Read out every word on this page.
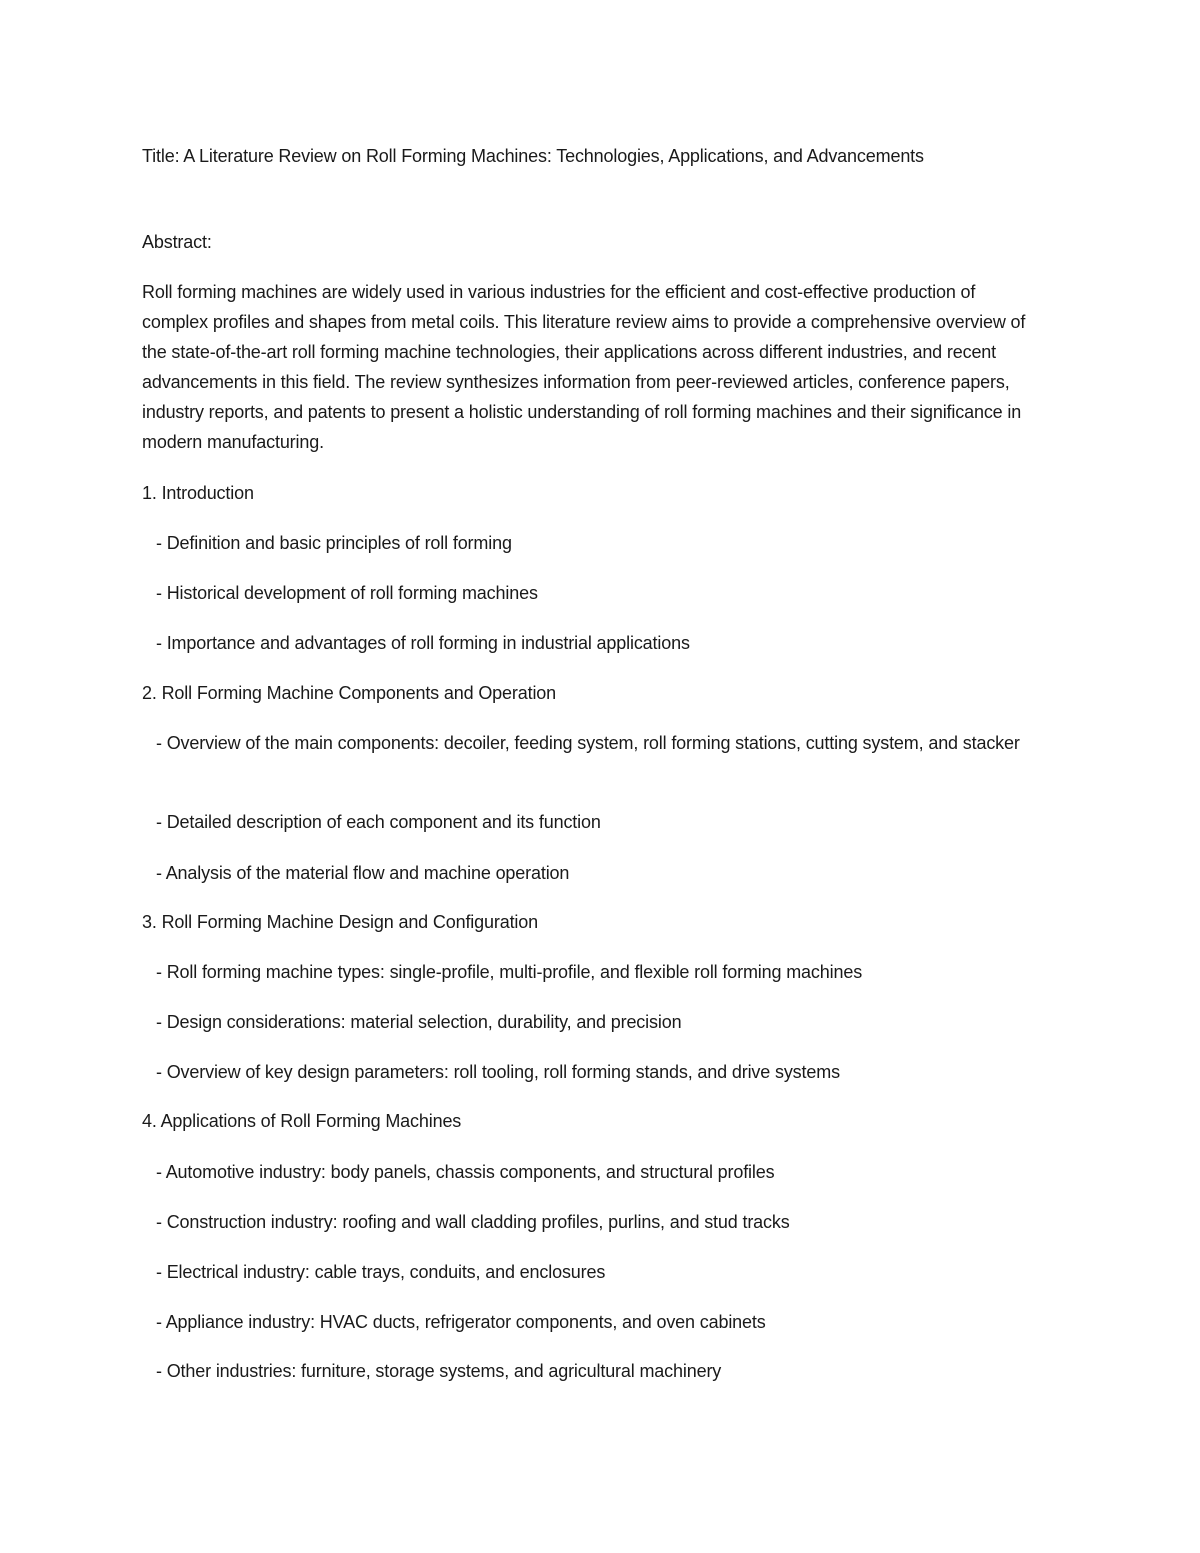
Title: A Literature Review on Roll Forming Machines: Technologies, Applications, and Advancements
Abstract:
Roll forming machines are widely used in various industries for the efficient and cost-effective production of complex profiles and shapes from metal coils. This literature review aims to provide a comprehensive overview of the state-of-the-art roll forming machine technologies, their applications across different industries, and recent advancements in this field. The review synthesizes information from peer-reviewed articles, conference papers, industry reports, and patents to present a holistic understanding of roll forming machines and their significance in modern manufacturing.
1. Introduction
- Definition and basic principles of roll forming
- Historical development of roll forming machines
- Importance and advantages of roll forming in industrial applications
2. Roll Forming Machine Components and Operation
- Overview of the main components: decoiler, feeding system, roll forming stations, cutting system, and stacker
- Detailed description of each component and its function
- Analysis of the material flow and machine operation
3. Roll Forming Machine Design and Configuration
- Roll forming machine types: single-profile, multi-profile, and flexible roll forming machines
- Design considerations: material selection, durability, and precision
- Overview of key design parameters: roll tooling, roll forming stands, and drive systems
4. Applications of Roll Forming Machines
- Automotive industry: body panels, chassis components, and structural profiles
- Construction industry: roofing and wall cladding profiles, purlins, and stud tracks
- Electrical industry: cable trays, conduits, and enclosures
- Appliance industry: HVAC ducts, refrigerator components, and oven cabinets
- Other industries: furniture, storage systems, and agricultural machinery
